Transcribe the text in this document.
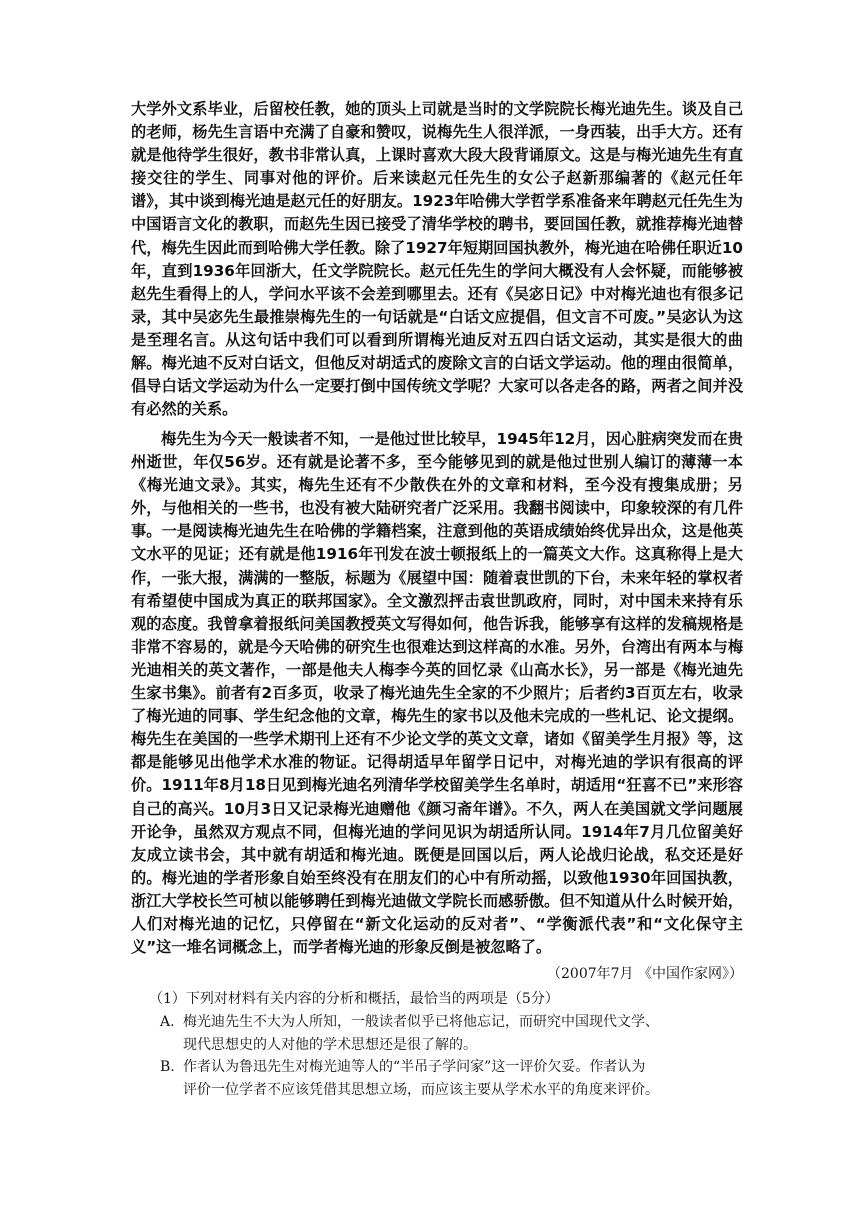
大学外文系毕业，后留校任教，她的顶头上司就是当时的文学院院长梅光迪先生。谈及自己的老师，杨先生言语中充满了自豪和赞叹，说梅先生人很洋派，一身西装，出手大方。还有就是他待学生很好，教书非常认真，上课时喜欢大段大段背诵原文。这是与梅光迪先生有直接交往的学生、同事对他的评价。后来读赵元任先生的女公子赵新那编著的《赵元任年谱》，其中谈到梅光迪是赵元任的好朋友。1923年哈佛大学哲学系准备来年聘赵元任先生为中国语言文化的教职，而赵先生因已接受了清华学校的聘书，要回国任教，就推荐梅光迪替代，梅先生因此而到哈佛大学任教。除了1927年短期回国执教外，梅光迪在哈佛任职近10年，直到1936年回浙大，任文学院院长。赵元任先生的学问大概没有人会怀疑，而能够被赵先生看得上的人，学问水平该不会差到哪里去。还有《吴宓日记》中对梅光迪也有很多记录，其中吴宓先生最推崇梅先生的一句话就是“白话文应提倡，但文言不可废。”吴宓认为这是至理名言。从这句话中我们可以看到所谓梅光迪反对五四白话文运动，其实是很大的曲解。梅光迪不反对白话文，但他反对胡适式的废除文言的白话文学运动。他的理由很简单，倡导白话文学运动为什么一定要打倒中国传统文学呢？大家可以各走各的路，两者之间并没有必然的关系。
梅先生为今天一般读者不知，一是他过世比较早，1945年12月，因心脏病突发而在贵州逝世，年仅56岁。还有就是论著不多，至今能够见到的就是他过世别人编订的薄薄一本《梅光迪文录》。其实，梅先生还有不少散佚在外的文章和材料，至今没有搜集成册；另外，与他相关的一些书，也没有被大陆研究者广泛采用。我翻书阅读中，印象较深的有几件事。一是阅读梅光迪先生在哈佛的学籍档案，注意到他的英语成绩始终优异出众，这是他英文水平的见证；还有就是他1916年刊发在波士顿报纸上的一篇英文大作。这真称得上是大作，一张大报，满满的一整版，标题为《展望中国：随着袁世凯的下台，未来年轻的掌权者有希望使中国成为真正的联邦国家》。全文激烈抨击袁世凯政府，同时，对中国未来持有乐观的态度。我曾拿着报纸问美国教授英文写得如何，他告诉我，能够享有这样的发稿规格是非常不容易的，就是今天哈佛的研究生也很难达到这样高的水准。另外，台湾出有两本与梅光迪相关的英文著作，一部是他夫人梅李今英的回忆录《山高水长》，另一部是《梅光迪先生家书集》。前者有2百多页，收录了梅光迪先生全家的不少照片；后者约3百页左右，收录了梅光迪的同事、学生纪念他的文章，梅先生的家书以及他未完成的一些札记、论文提纲。梅先生在美国的一些学术期刊上还有不少论文学的英文文章，诸如《留美学生月报》等，这都是能够见出他学术水准的物证。记得胡适早年留学日记中，对梅光迪的学识有很高的评价。1911年8月18日见到梅光迪名列清华学校留美学生名单时，胡适用“狂喜不已”来形容自己的高兴。10月3日又记录梅光迪赠他《颜习斋年谱》。不久，两人在美国就文学问题展开论争，虽然双方观点不同，但梅光迪的学问见识为胡适所认同。1914年7月几位留美好友成立读书会，其中就有胡适和梅光迪。既便是回国以后，两人论战归论战，私交还是好的。梅光迪的学者形象自始至终没有在朋友们的心中有所动摇，以致他1930年回国执教，浙江大学校长竺可桢以能够聘任到梅光迪做文学院长而感骄傲。但不知道从什么时候开始，人们对梅光迪的记忆，只停留在“新文化运动的反对者”、“学衡派代表”和“文化保守主义”这一堆名词概念上，而学者梅光迪的形象反倒是被忽略了。
（2007年7月 《中国作家网》）
（1）下列对材料有关内容的分析和概括，最恰当的两项是（5分）
A. 梅光迪先生不大为人所知，一般读者似乎已将他忘记，而研究中国现代文学、
现代思想史的人对他的学术思想还是很了解的。
B. 作者认为鲁迅先生对梅光迪等人的“半吊子学问家”这一评价欠妥。作者认为
评价一位学者不应该凭借其思想立场，而应该主要从学术水平的角度来评价。
